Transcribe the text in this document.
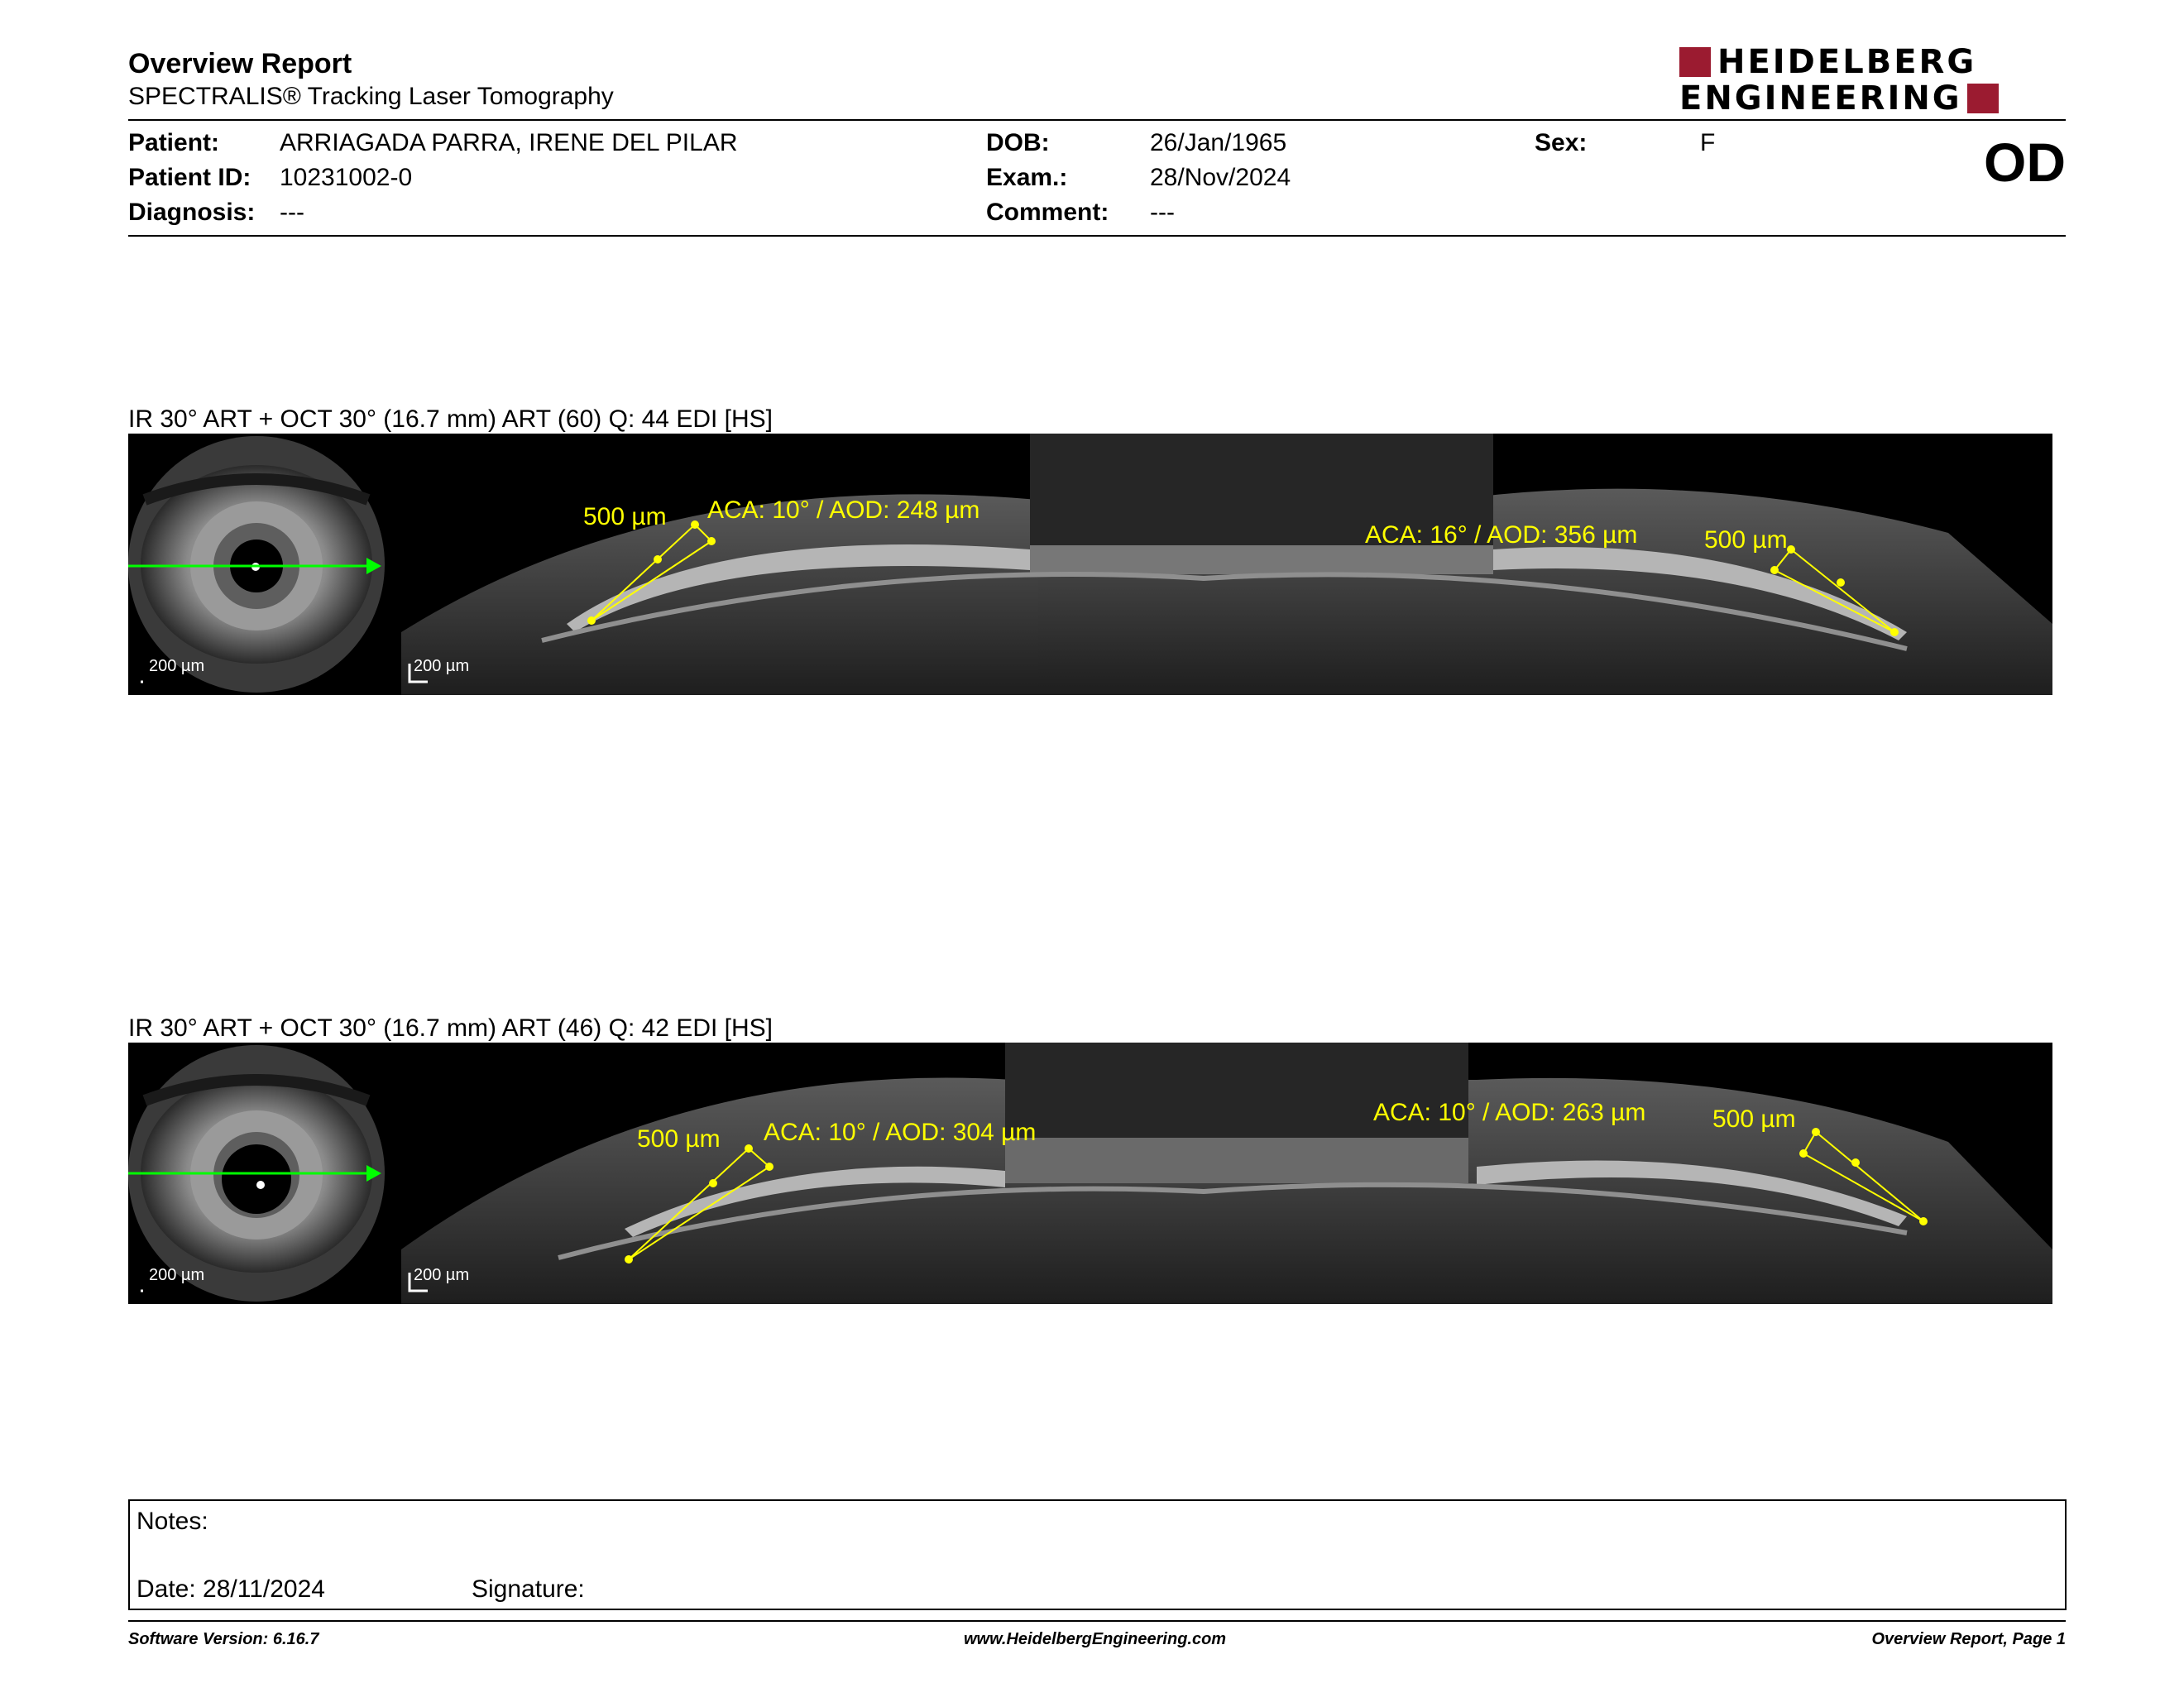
Overview Report
SPECTRALIS® Tracking Laser Tomography
HEIDELBERG
ENGINEERING
Patient: ARRIAGADA PARRA, IRENE DEL PILAR
Patient ID: 10231002-0
Diagnosis: ---
DOB:	26/Jan/1965
Exam.:	28/Nov/2024
Comment: ---
Sex:	F	OD
IR 30° ART + OCT 30° (16.7 mm) ART (60) Q: 44 EDI [HS]
200 µm	200 µm
500 µm ACA: 10° / AOD: 248 µm
ACA: 16° / AOD: 356 µm	500 µm
IR 30° ART + OCT 30° (16.7 mm) ART (46) Q: 42 EDI [HS]
200 µm	200 µm
500 µm ACA: 10° / AOD: 304 µm
ACA: 10° / AOD: 263 µm	500 µm
Notes:
Date: 28/11/2024	Signature:
Software Version: 6.16.7	www.HeidelbergEngineering.com	Overview Report, Page 1
